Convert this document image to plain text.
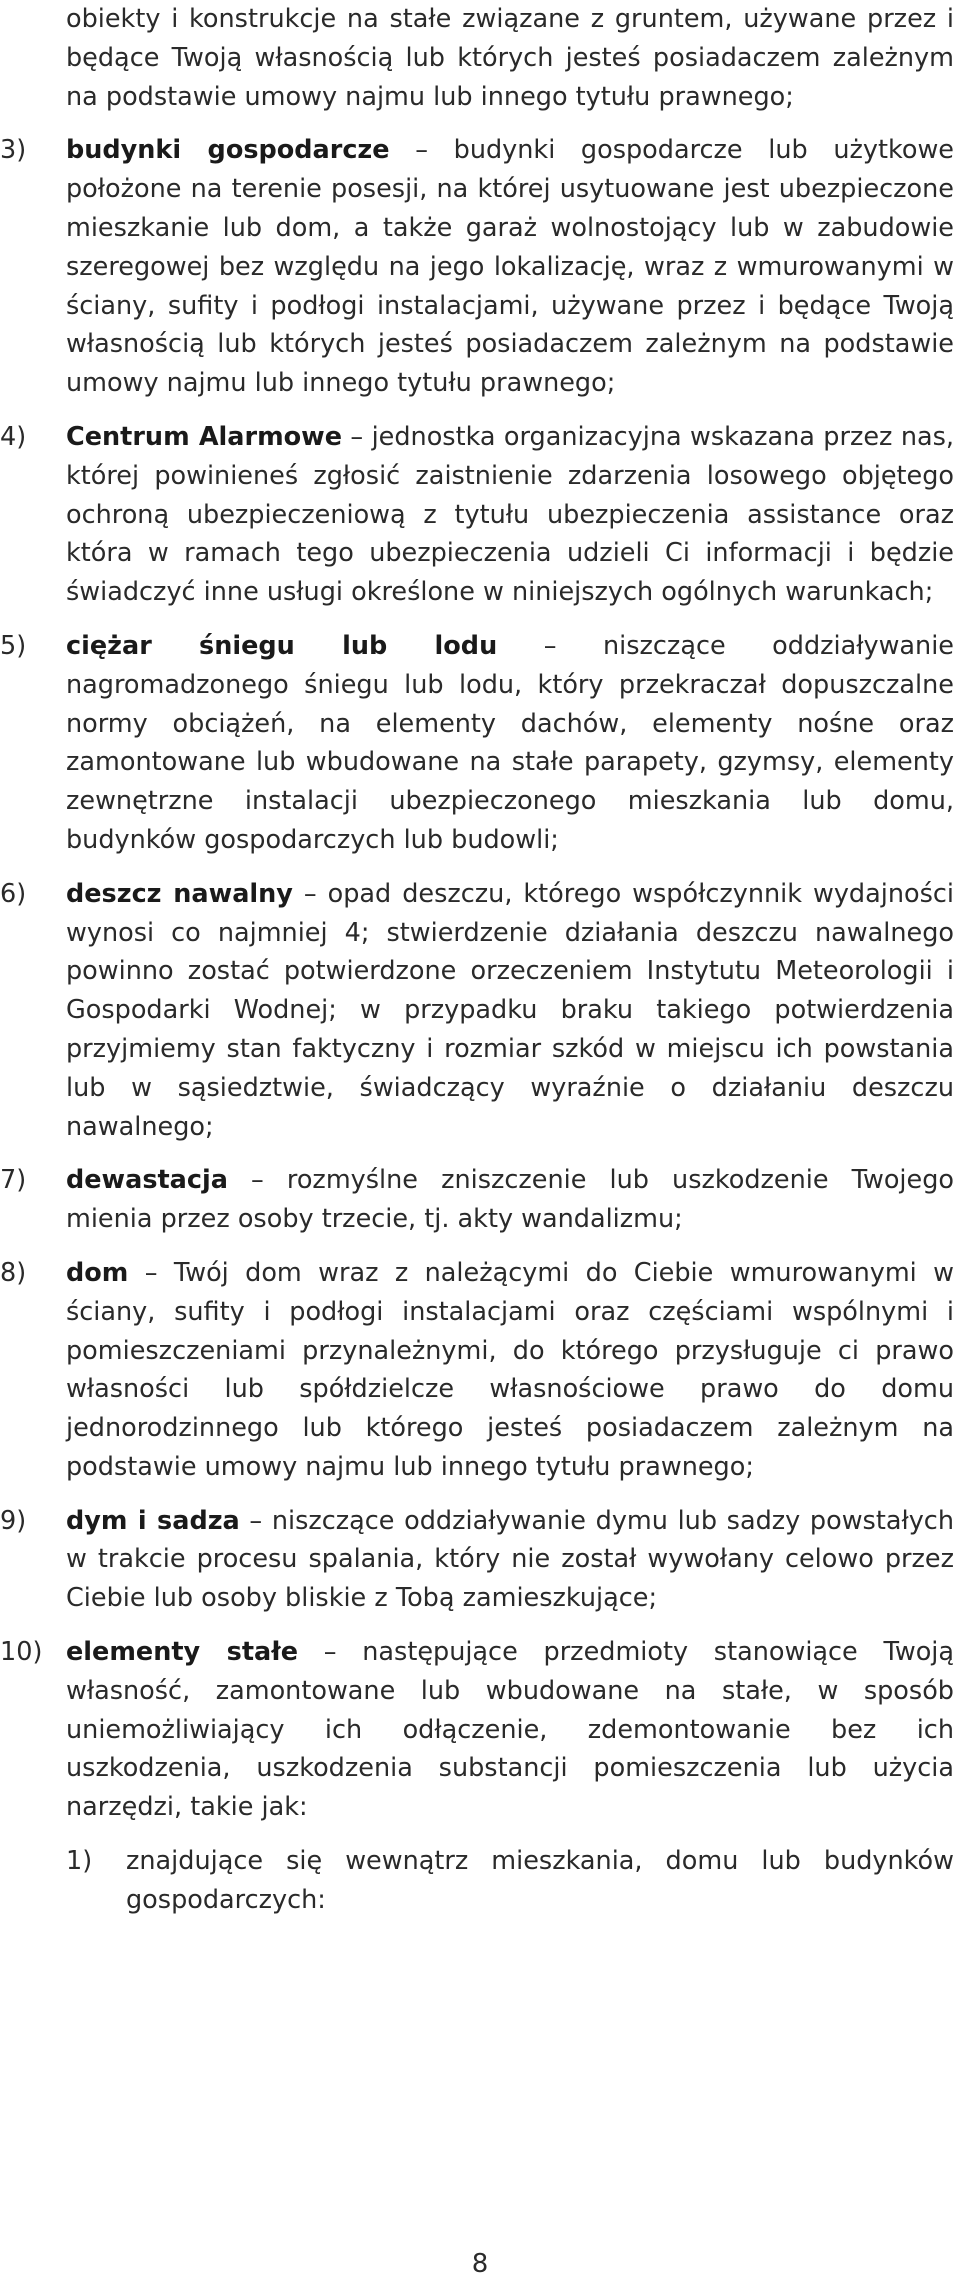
obiekty i konstrukcje na stałe związane z gruntem, używane przez i będące Twoją własnością lub których jesteś posiadaczem zależnym na podstawie umowy najmu lub innego tytułu prawnego;

3)	budynki gospodarcze – budynki gospodarcze lub użytkowe położone na terenie posesji, na której usytuowane jest ubezpieczone mieszkanie lub dom, a także garaż wolnostojący lub w zabudowie szeregowej bez względu na jego lokalizację, wraz z wmurowanymi w ściany, sufity i podłogi instalacjami, używane przez i będące Twoją własnością lub których jesteś posiadaczem zależnym na podstawie umowy najmu lub innego tytułu prawnego;

4)	Centrum Alarmowe – jednostka organizacyjna wskazana przez nas, której powinieneś zgłosić zaistnienie zdarzenia losowego objętego ochroną ubezpieczeniową z tytułu ubezpieczenia assistance oraz która w ramach tego ubezpieczenia udzieli Ci informacji i będzie świadczyć inne usługi określone w niniejszych ogólnych warunkach;

5)	ciężar śniegu lub lodu – niszczące oddziaływanie nagromadzonego śniegu lub lodu, który przekraczał dopuszczalne normy obciążeń, na elementy dachów, elementy nośne oraz zamontowane lub wbudowane na stałe parapety, gzymsy, elementy zewnętrzne instalacji ubezpieczonego mieszkania lub domu, budynków gospodarczych lub budowli;

6)	deszcz nawalny – opad deszczu, którego współczynnik wydajności wynosi co najmniej 4; stwierdzenie działania deszczu nawalnego powinno zostać potwierdzone orzeczeniem Instytutu Meteorologii i Gospodarki Wodnej; w przypadku braku takiego potwierdzenia przyjmiemy stan faktyczny i rozmiar szkód w miejscu ich powstania lub w sąsiedztwie, świadczący wyraźnie o działaniu deszczu nawalnego;

7)	dewastacja – rozmyślne zniszczenie lub uszkodzenie Twojego mienia przez osoby trzecie, tj. akty wandalizmu;

8)	dom – Twój dom wraz z należącymi do Ciebie wmurowanymi w ściany, sufity i podłogi instalacjami oraz częściami wspólnymi i pomieszczeniami przynależnymi, do którego przysługuje ci prawo własności lub spółdzielcze własnościowe prawo do domu jednorodzinnego lub którego jesteś posiadaczem zależnym na podstawie umowy najmu lub innego tytułu prawnego;

9)	dym i sadza – niszczące oddziaływanie dymu lub sadzy powstałych w trakcie procesu spalania, który nie został wywołany celowo przez Ciebie lub osoby bliskie z Tobą zamieszkujące;

10) elementy stałe – następujące przedmioty stanowiące Twoją własność, zamontowane lub wbudowane na stałe, w sposób uniemożliwiający ich odłączenie, zdemontowanie bez ich uszkodzenia, uszkodzenia substancji pomieszczenia lub użycia narzędzi, takie jak:

1)	znajdujące się wewnątrz mieszkania, domu lub budynków gospodarczych:

8
